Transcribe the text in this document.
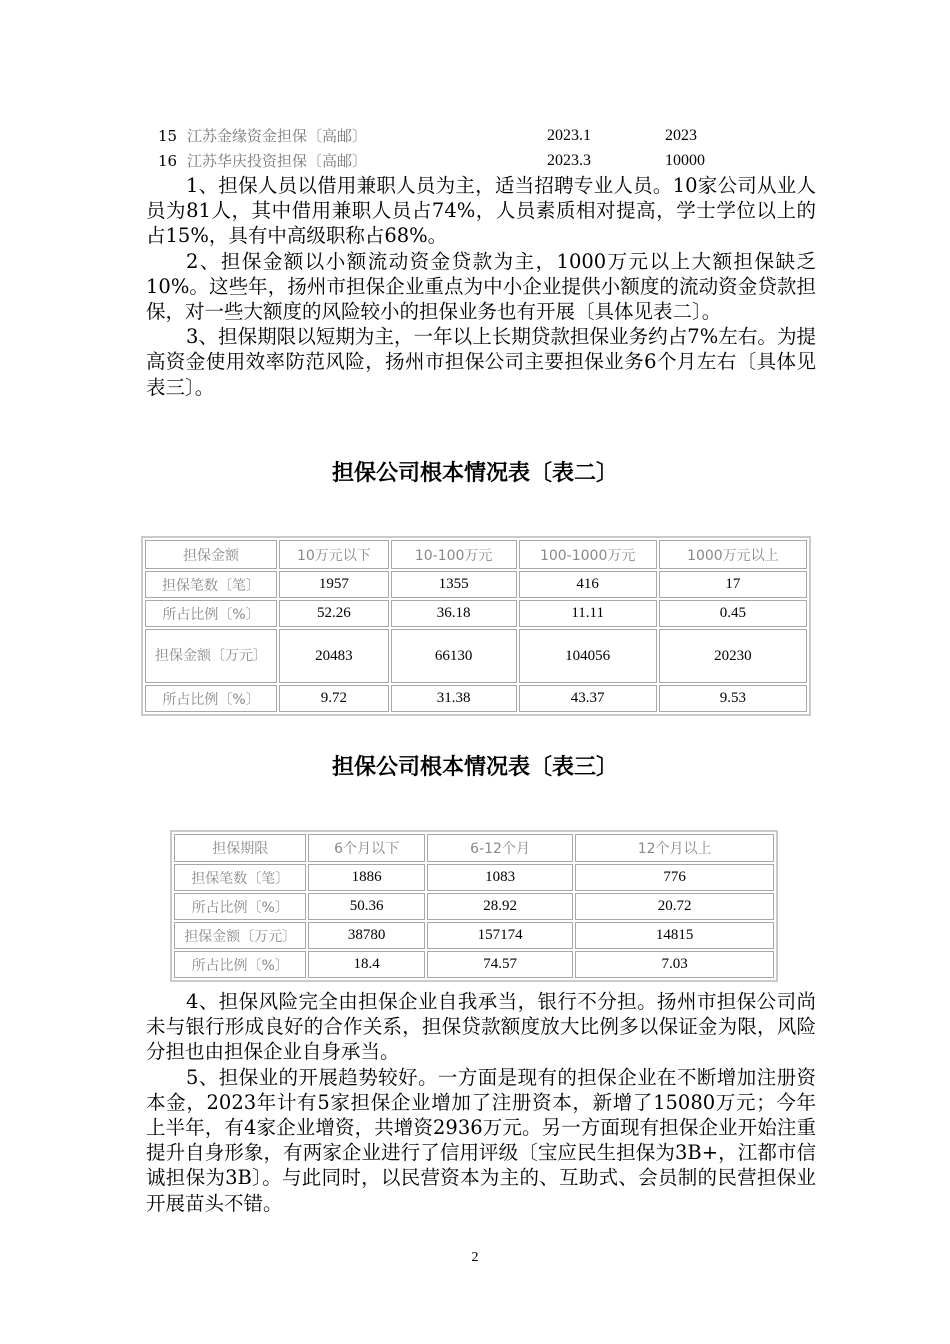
15 江苏金缘资金担保〔高邮〕	2023.1	2023
16 江苏华庆投资担保〔高邮〕	2023.3	10000

1、担保人员以借用兼职人员为主，适当招聘专业人员。10家公司从业人员为81人，其中借用兼职人员占74%，人员素质相对提高，学士学位以上的占15%，具有中高级职称占68%。

2、担保金额以小额流动资金贷款为主，1000万元以上大额担保缺乏10%。这些年，扬州市担保企业重点为中小企业提供小额度的流动资金贷款担保，对一些大额度的风险较小的担保业务也有开展〔具体见表二〕。

3、担保期限以短期为主，一年以上长期贷款担保业务约占7%左右。为提高资金使用效率防范风险，扬州市担保公司主要担保业务6个月左右〔具体见表三〕。

担保公司根本情况表〔表二〕
担保金额	10万元以下	10-100万元	100-1000万元	1000万元以上
担保笔数〔笔〕	1957	1355	416	17
所占比例〔%〕	52.26	36.18	11.11	0.45
担保金额〔万元〕	20483	66130	104056	20230
所占比例〔%〕	9.72	31.38	43.37	9.53
担保公司根本情况表〔表三〕
担保期限	6个月以下	6-12个月	12个月以上
担保笔数〔笔〕	1886	1083	776
所占比例〔%〕	50.36	28.92	20.72
担保金额〔万元〕	38780	157174	14815
所占比例〔%〕	18.4	74.57	7.03

4、担保风险完全由担保企业自我承当，银行不分担。扬州市担保公司尚未与银行形成良好的合作关系，担保贷款额度放大比例多以保证金为限，风险分担也由担保企业自身承当。

5、担保业的开展趋势较好。一方面是现有的担保企业在不断增加注册资本金，2023年计有5家担保企业增加了注册资本，新增了15080万元；今年上半年，有4家企业增资，共增资2936万元。另一方面现有担保企业开始注重提升自身形象，有两家企业进行了信用评级〔宝应民生担保为3B+，江都市信诚担保为3B〕。与此同时，以民营资本为主的、互助式、会员制的民营担保业开展苗头不错。

2
